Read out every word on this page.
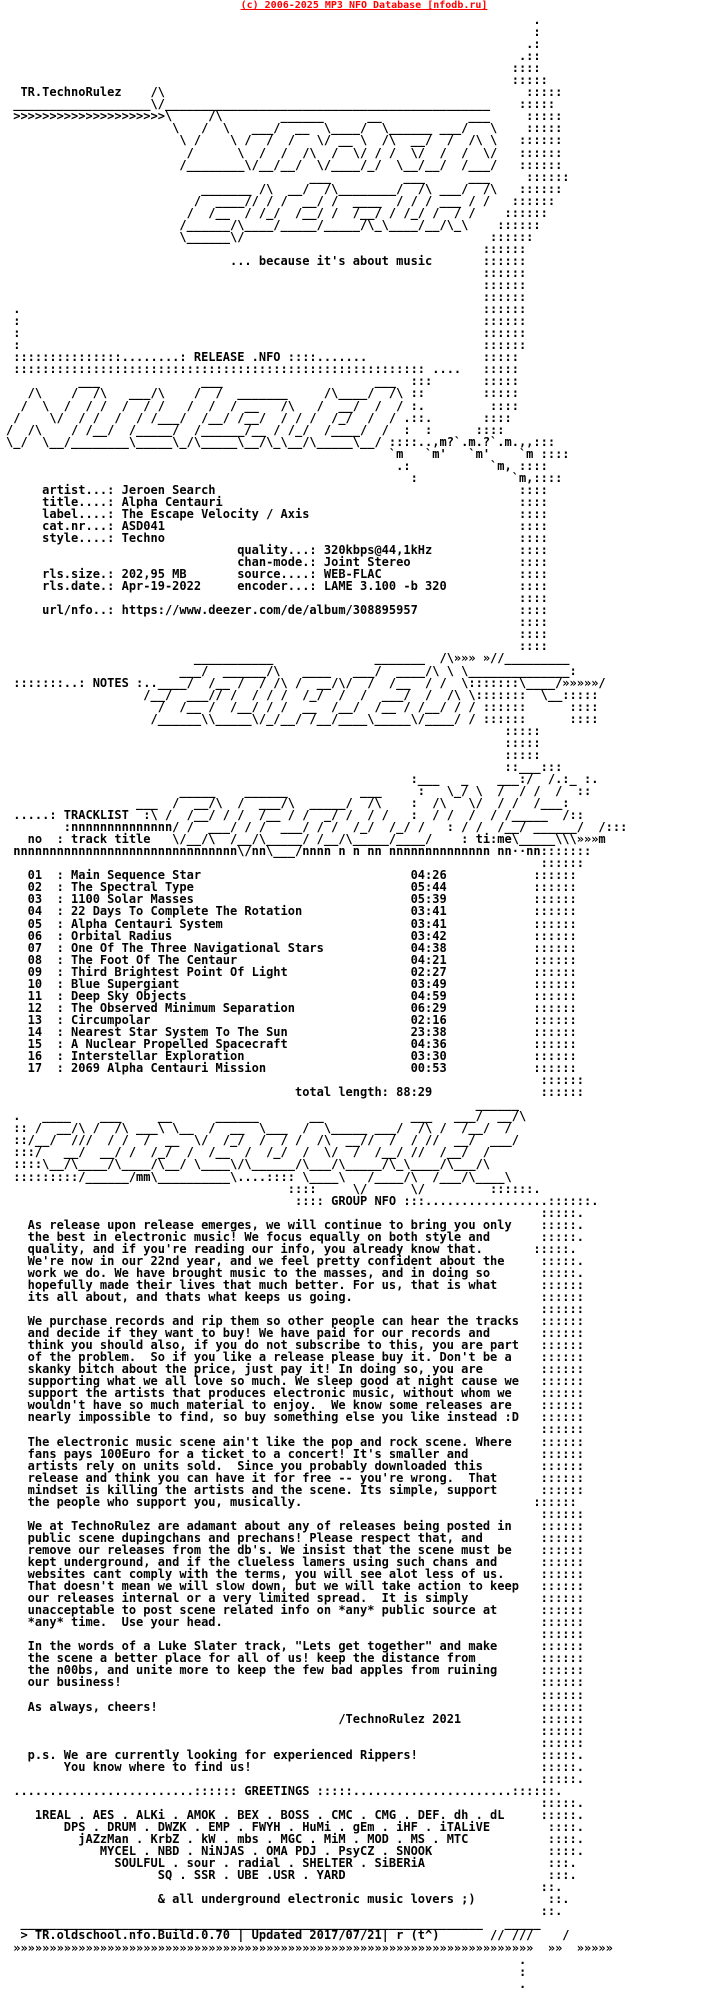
(c) 2006-2025 MP3 NFO Database [nfodb.ru]
.
:
.:
.::
::::
:::::
TR.TechnoRulez    /\                                                  :::::
___________________\/_____________________________________________    :::::
>>>>>>>>>>>>>>>>>>>>>\     /\        ______      __            ___     :::::
\   /  \   ___/  __  \____/  \______ ___/   \    :::::
\ /    \ /  /  /   \/ __ \  /\  __/  /  /\ \   ::::::
/      \  /  /  /\  /  \/ / /  \/  /  /  \/   ::::::
/________\/__/__/  \/____/_/  \__/__/  /___/   ::::::
___          ___      ___     ::::::
_______ /\  __/  /\________/  /\ ___/  /\   ::::::
/  ____// / /  __/ /  ____  / / / ___ / /   ::::::
/  /__  / /_/  /__/ /  /__/ / /_/ /  / /    ::::::
/______/\____/_____/_____/\_\____/__/\_\    ::::::
\______\/                                  ::::::
::::::
... because it's about music       ::::::
::::::
::::::
::::::
.                                                                ::::::
:                                                                ::::::
:                                                                ::::::
:                                                                ::::::
:::::::::::::::........: RELEASE .NFO ::::.......                :::::
::::::::::::::::::::::::::::::::::::::::::::::::::::::::: ....   :::::
___              ___                     ___  :::       :::::
/\    /  /\   ___/\    /  /  _______     /\____/  /\ ::        :::::
/  \  /  / /  /  / /   /  /  / __   /\   /  __/  /  / :.         ::::
/    \/  / /  /  / /___/  /__/ /__/  / / /  /_/  /  / .::.       ::::
/  /\    / /__/  /_____/  /______/__ / /_/  /____/  /  :  :      ::::
\_/  \__/________\_____\_/\_____\__/\_\__/\_____\__/ ::::..,m?`.m.?`.m.,,:::
`m   `m'   `m'    `m ::::
.:           `m, ::::
:             `m,::::
artist...: Jeroen Search                                          ::::
title....: Alpha Centauri                                         ::::
label....: The Escape Velocity / Axis                             ::::
cat.nr...: ASD041                                                 ::::
style....: Techno                                                 ::::
quality...: 320kbps@44,1kHz            ::::
chan-mode.: Joint Stereo               ::::
rls.size.: 202,95 MB       source....: WEB-FLAC                   ::::
rls.date.: Apr-19-2022     encoder...: LAME 3.100 -b 320          ::::
::::
url/nfo..: https://www.deezer.com/de/album/308895957              ::::
::::
::::
::::
___________              _______  /\»»» »//_________
___/  ______/\   ____   ___/  ____/\ \ \______________:
:::::::..: NOTES :..____/  /__ /  / /\ /  __/\/  /  /__  / /  \:::::::\____/»»»»»/
/__/  ___// /  / / /  /_/  /  /  ___/  /  /\ \:::::::  \__:::::
/  /__ /  /__/ / /  __  /__/  /__ / /__/ / / ::::::      ::::
/______\\_____\/_/__/ /__/____\_____\/____/ / ::::::      ::::
:::::
:::::
:::::
::___:::
:___   _    ___:/  /.:_ :.
_____    ______          ___     :   \_/ \  /  / /  /  ::
___  /  __/\  /  ___/\  _____/  /\    :  /\   \/  / /  /___:
.....: TRACKLIST  :\ /  /__/ / /  /__ / /  _/ /  / /   :  / /  /  / /_____  /::
:nnnnnnnnnnnnnn/ /  ___/ / /  ___/ / /  /_/  /_/ /   : / /  /__/ ______/  /:::
no  : track title   \/__/\  /__/\_____/ /__/\_____/____/    : ti:me\_____\\\»»»m
nnnnnnnnnnnnnnnnnnnnnnnnnnnnnnn\/nn\___/nnnn n n nn nnnnnnnnnnnnnn nn··nn:::::::
::::::
01  : Main Sequence Star                             04:26            ::::::
02  : The Spectral Type                              05:44            ::::::
03  : 1100 Solar Masses                              05:39            ::::::
04  : 22 Days To Complete The Rotation               03:41            ::::::
05  : Alpha Centauri System                          03:41            ::::::
06  : Orbital Radius                                 03:42            ::::::
07  : One Of The Three Navigational Stars            04:38            ::::::
08  : The Foot Of The Centaur                        04:21            ::::::
09  : Third Brightest Point Of Light                 02:27            ::::::
10  : Blue Supergiant                                03:49            ::::::
11  : Deep Sky Objects                               04:59            ::::::
12  : The Observed Minimum Separation                06:29            ::::::
13  : Circumpolar                                    02:16            ::::::
14  : Nearest Star System To The Sun                 23:38            ::::::
15  : A Nuclear Propelled Spacecraft                 04:36            ::::::
16  : Interstellar Exploration                       03:30            ::::::
17  : 2069 Alpha Centauri Mission                    00:53            ::::::
::::::
total length: 88:29               ::::::
______
.   ____    ___     __      ______       __            ___   ___/  __/\
:: /  __/\ /  /\ ___\ \__  /  __  \___  /  \_____ ___/  /\ /  /__/  /
::/__/  ///  / /  /  __  \/  /_/  /  / /  /\  __//  /  / //  __/  ___/
:::/   __/  __/ /  /_/  /  /__  /  /_/  /  \/  /  /__/ //  /__/  /
::::\__/\____/\____/\__/ \____\/\______/\___/\_____/\_\____/\___/\
:::::::::/______/mm\__________\....:::: \____\   /____/\  /___/\____\
::::     \/      \/         ::::::.
:::: GROUP NFO :::.................::::::.
:::::.
As release upon release emerges, we will continue to bring you only    :::::.
the best in electronic music! We focus equally on both style and       :::::.
quality, and if you're reading our info, you already know that.       :::::.
We're now in our 22nd year, and we feel pretty confident about the     :::::.
work we do. We have brought music to the masses, and in doing so       :::::.
hopefully made their lives that much better. For us, that is what      ::::::
its all about, and thats what keeps us going.                          ::::::
::::::
We purchase records and rip them so other people can hear the tracks   ::::::
and decide if they want to buy! We have paid for our records and       ::::::
think you should also, if you do not subscribe to this, you are part   ::::::
of the problem.  So if you like a release please buy it. Don't be a    ::::::
skanky bitch about the price, just pay it! In doing so, you are        ::::::
supporting what we all love so much. We sleep good at night cause we   ::::::
support the artists that produces electronic music, without whom we    ::::::
wouldn't have so much material to enjoy.  We know some releases are    ::::::
nearly impossible to find, so buy something else you like instead :D   ::::::
::::::
The electronic music scene ain't like the pop and rock scene. Where    ::::::
fans pays 100Euro for a ticket to a concert! It's smaller and          ::::::
artists rely on units sold.  Since you probably downloaded this        ::::::
release and think you can have it for free -- you're wrong.  That      ::::::
mindset is killing the artists and the scene. Its simple, support      ::::::
the people who support you, musically.                                ::::::
::::::
We at TechnoRulez are adamant about any of releases being posted in    ::::::
public scene dupingchans and prechans! Please respect that, and        ::::::
remove our releases from the db's. We insist that the scene must be    ::::::
kept underground, and if the clueless lamers using such chans and      ::::::
websites cant comply with the terms, you will see alot less of us.     ::::::
That doesn't mean we will slow down, but we will take action to keep   ::::::
our releases internal or a very limited spread.  It is simply          ::::::
unacceptable to post scene related info on *any* public source at      ::::::
*any* time.  Use your head.                                            ::::::
::::::
In the words of a Luke Slater track, "Lets get together" and make      ::::::
the scene a better place for all of us! keep the distance from         ::::::
the n00bs, and unite more to keep the few bad apples from ruining      ::::::
our business!                                                          ::::::
::::::
As always, cheers!                                                     ::::::
/TechnoRulez 2021           ::::::
::::::
::::::
p.s. We are currently looking for experienced Rippers!                 :::::.
You know where to find us!                                        :::::.
:::::.
.........................:::::: GREETINGS :::::......................::::::.
:::::.
1REAL . AES . ALKi . AMOK . BEX . BOSS . CMC . CMG . DEF. dh . dL     :::::.
DPS . DRUM . DWZK . EMP . FWYH . HuMi . gEm . iHF . iTALiVE        ::::.
jAZzMan . KrbZ . kW . mbs . MGC . MiM . MOD . MS . MTC           ::::.
MYCEL . NBD . NiNJAS . OMA PDJ . PsyCZ . SNOOK                ::::.
SOULFUL . sour . radial . SHELTER . SiBERiA                 :::.
SQ . SSR . UBE .USR . YARD                            :::.
::.
& all underground electronic music lovers ;)          ::.
::.
________________________________________________________________   _____
> TR.oldschool.nfo.Build.0.70 | Updated 2017/07/21| r (t^)       // ///    /
»»»»»»»»»»»»»»»»»»»»»»»»»»»»»»»»»»»»»»»»»»»»»»»»»»»»»»»»»»»»»»»»»»»»»»»»  »»  »»»»»
.
:
.
